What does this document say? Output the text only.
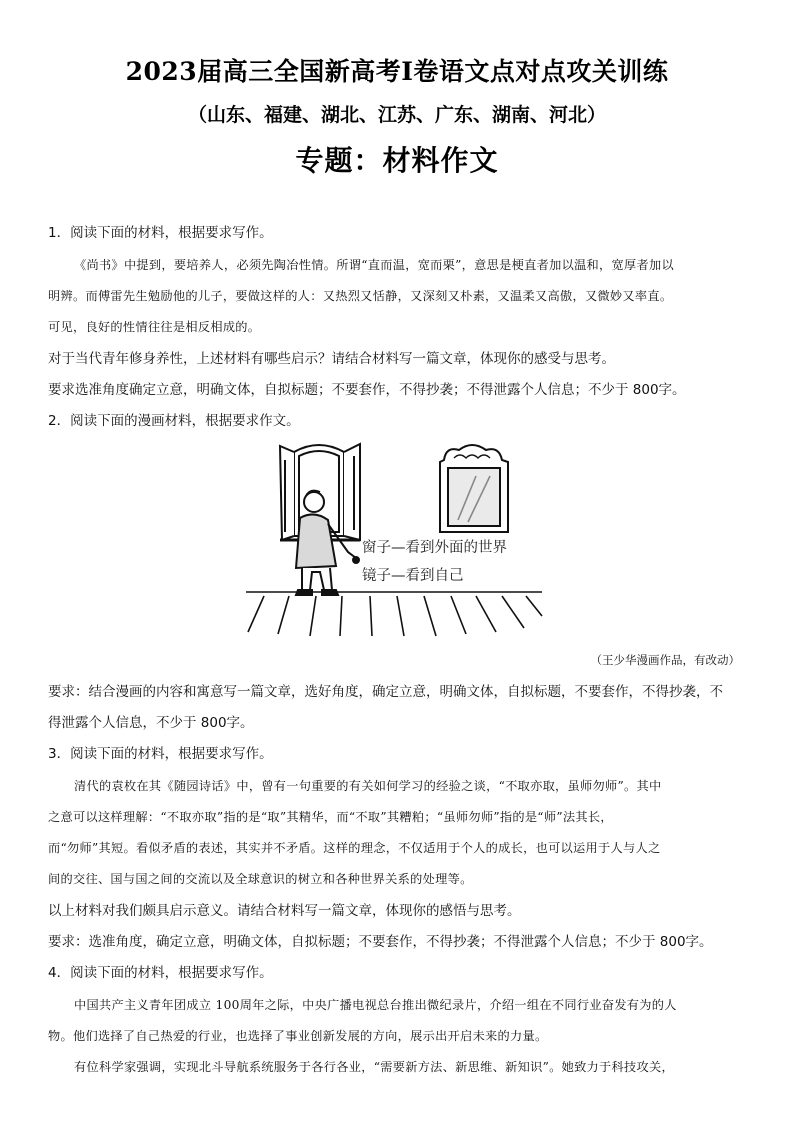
2023届高三全国新高考Ⅰ卷语文点对点攻关训练
（山东、福建、湖北、江苏、广东、湖南、河北）
专题：材料作文
1．阅读下面的材料，根据要求写作。
《尚书》中提到，要培养人，必须先陶冶性情。所谓“直而温，宽而栗”，意思是梗直者加以温和，宽厚者加以
明辨。而傅雷先生勉励他的儿子，要做这样的人：又热烈又恬静，又深刻又朴素，又温柔又高傲，又微妙又率直。
可见，良好的性情往往是相反相成的。
对于当代青年修身养性，上述材料有哪些启示？请结合材料写一篇文章，体现你的感受与思考。
要求选准角度确定立意，明确文体，自拟标题；不要套作，不得抄袭；不得泄露个人信息；不少于 800字。
2．阅读下面的漫画材料，根据要求作文。
窗子—看到外面的世界
镜子—看到自己
（王少华漫画作品，有改动）
要求：结合漫画的内容和寓意写一篇文章，选好角度，确定立意，明确文体，自拟标题，不要套作，不得抄袭，不
得泄露个人信息，不少于 800字。
3．阅读下面的材料，根据要求写作。
清代的袁枚在其《随园诗话》中，曾有一句重要的有关如何学习的经验之谈，“不取亦取，虽师勿师”。其中
之意可以这样理解：“不取亦取”指的是“取”其精华，而“不取”其糟粕；“虽师勿师”指的是“师”法其长，
而“勿师”其短。看似矛盾的表述，其实并不矛盾。这样的理念，不仅适用于个人的成长，也可以运用于人与人之
间的交往、国与国之间的交流以及全球意识的树立和各种世界关系的处理等。
以上材料对我们颇具启示意义。请结合材料写一篇文章，体现你的感悟与思考。
要求：选准角度，确定立意，明确文体，自拟标题；不要套作，不得抄袭；不得泄露个人信息；不少于 800字。
4．阅读下面的材料，根据要求写作。
中国共产主义青年团成立 100周年之际，中央广播电视总台推出微纪录片，介绍一组在不同行业奋发有为的人
物。他们选择了自己热爱的行业，也选择了事业创新发展的方向，展示出开启未来的力量。
有位科学家强调，实现北斗导航系统服务于各行各业，“需要新方法、新思维、新知识”。她致力于科技攻关，
